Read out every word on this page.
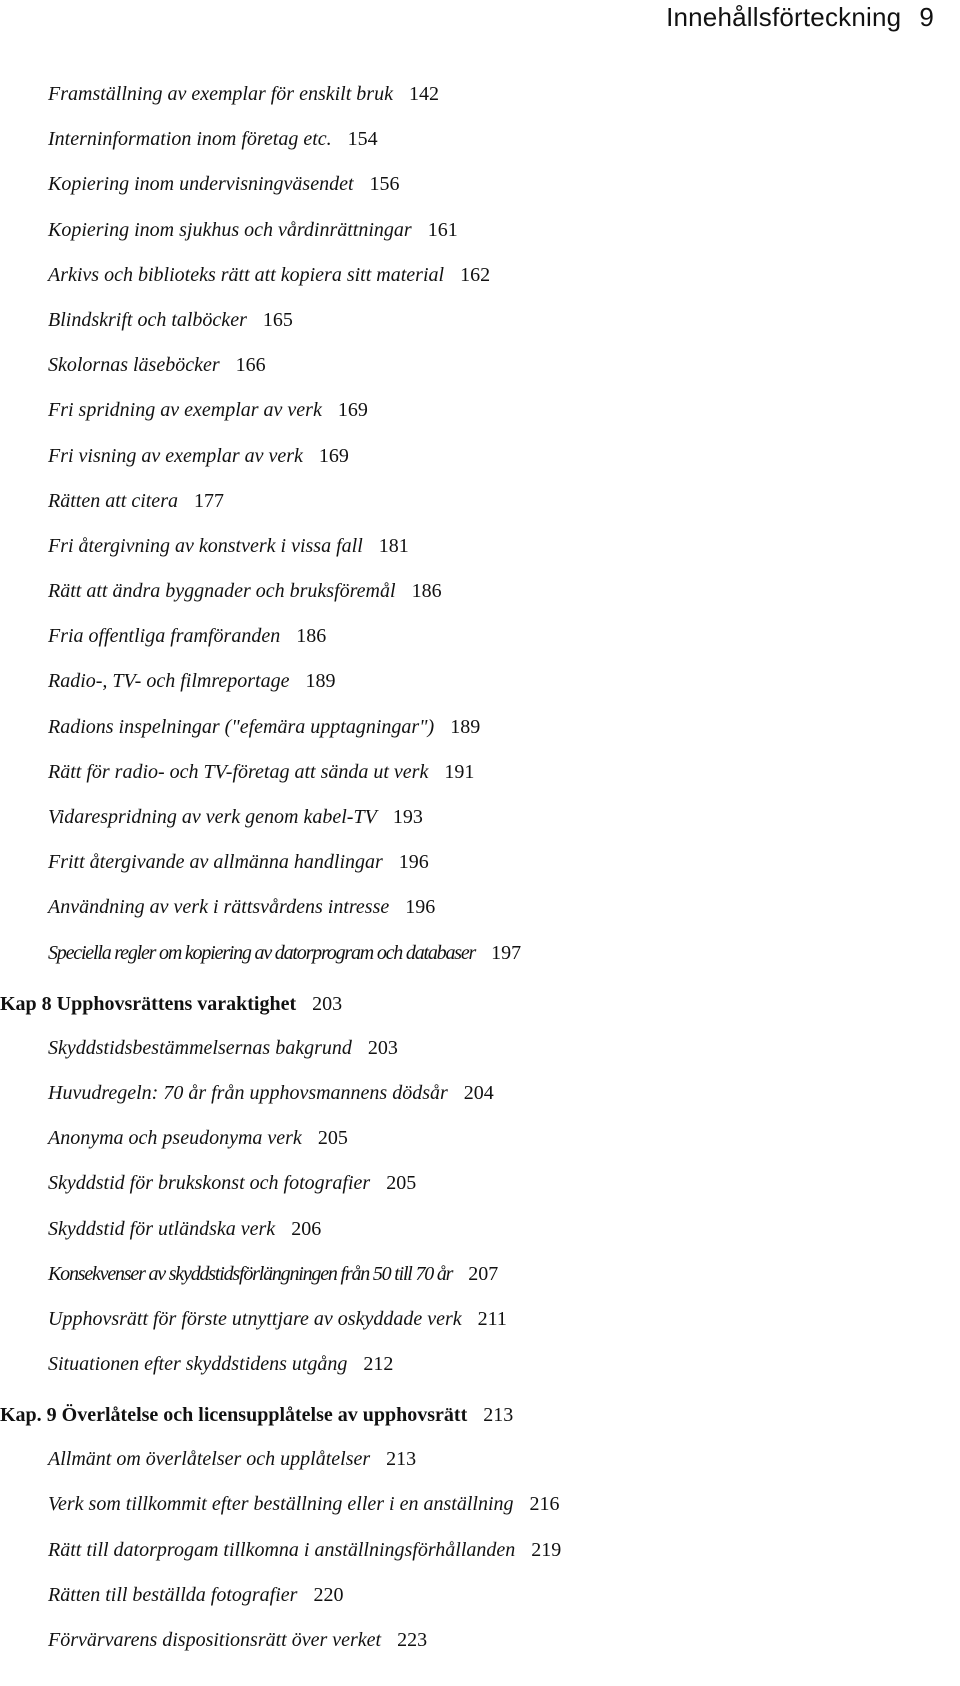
Innehållsförteckning 9
Framställning av exemplar för enskilt bruk 142
Interninformation inom företag etc. 154
Kopiering inom undervisningväsendet 156
Kopiering inom sjukhus och vårdinrättningar 161
Arkivs och biblioteks rätt att kopiera sitt material 162
Blindskrift och talböcker 165
Skolornas läseböcker 166
Fri spridning av exemplar av verk 169
Fri visning av exemplar av verk 169
Rätten att citera 177
Fri återgivning av konstverk i vissa fall 181
Rätt att ändra byggnader och bruksföremål 186
Fria offentliga framföranden 186
Radio-, TV- och filmreportage 189
Radions inspelningar ("efemära upptagningar") 189
Rätt för radio- och TV-företag att sända ut verk 191
Vidarespridning av verk genom kabel-TV 193
Fritt återgivande av allmänna handlingar 196
Användning av verk i rättsvårdens intresse 196
Speciella regler om kopiering av datorprogram och databaser 197
Kap 8 Upphovsrättens varaktighet 203
Skyddstidsbestämmelsernas bakgrund 203
Huvudregeln: 70 år från upphovsmannens dödsår 204
Anonyma och pseudonyma verk 205
Skyddstid för brukskonst och fotografier 205
Skyddstid för utländska verk 206
Konsekvenser av skyddstidsförlängningen från 50 till 70 år 207
Upphovsrätt för förste utnyttjare av oskyddade verk 211
Situationen efter skyddstidens utgång 212
Kap. 9 Överlåtelse och licensupplåtelse av upphovsrätt 213
Allmänt om överlåtelser och upplåtelser 213
Verk som tillkommit efter beställning eller i en anställning 216
Rätt till datorprogam tillkomna i anställningsförhållanden 219
Rätten till beställda fotografier 220
Förvärvarens dispositionsrätt över verket 223
